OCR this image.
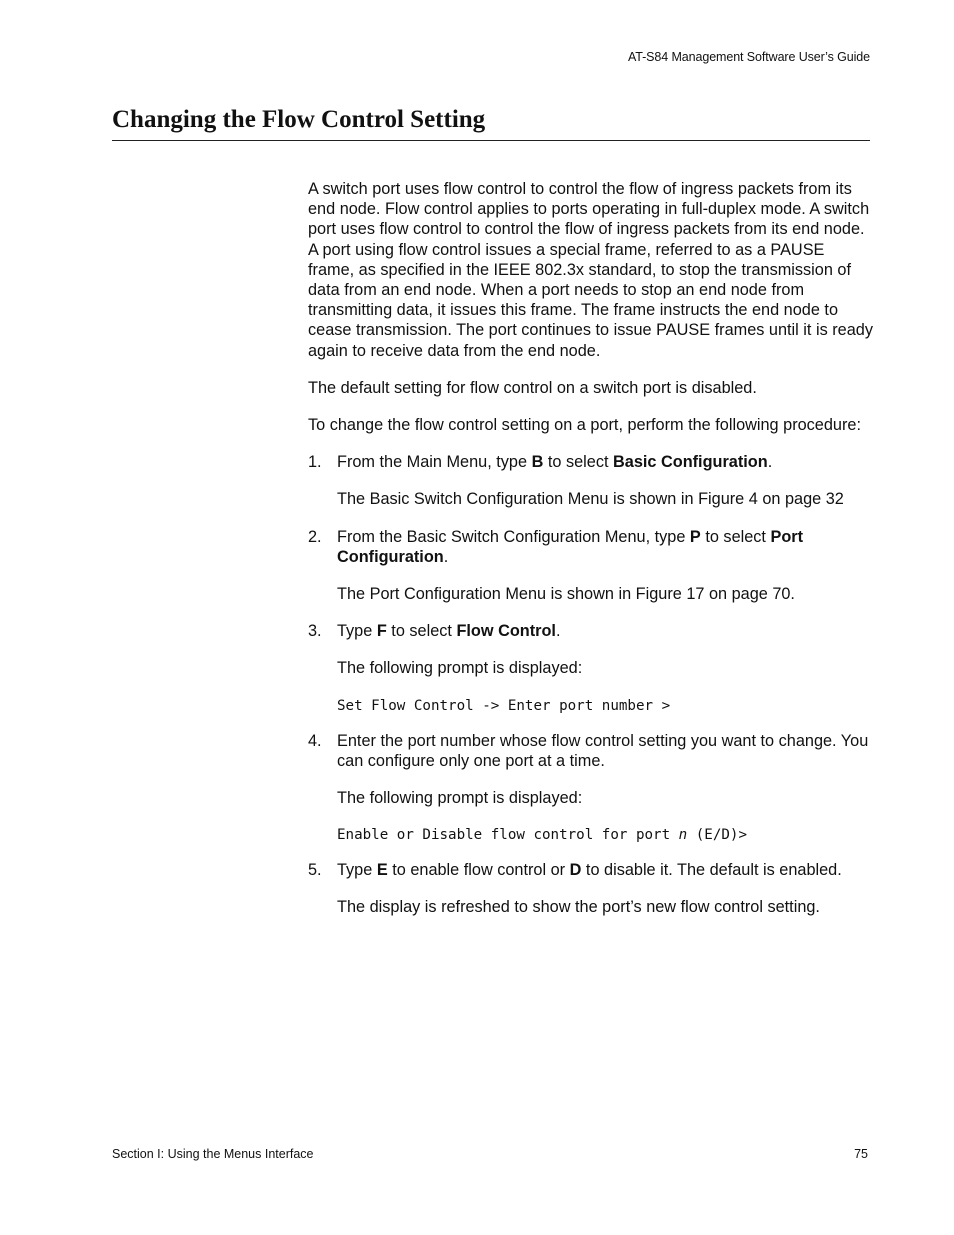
AT-S84 Management Software User’s Guide
Changing the Flow Control Setting

A switch port uses flow control to control the flow of ingress packets from its end node. Flow control applies to ports operating in full-duplex mode. A switch port uses flow control to control the flow of ingress packets from its end node. A port using flow control issues a special frame, referred to as a PAUSE frame, as specified in the IEEE 802.3x standard, to stop the transmission of data from an end node. When a port needs to stop an end node from transmitting data, it issues this frame. The frame instructs the end node to cease transmission. The port continues to issue PAUSE frames until it is ready again to receive data from the end node.

The default setting for flow control on a switch port is disabled.

To change the flow control setting on a port, perform the following procedure:

1. From the Main Menu, type B to select Basic Configuration.

The Basic Switch Configuration Menu is shown in Figure 4 on page 32

2. From the Basic Switch Configuration Menu, type P to select Port Configuration.

The Port Configuration Menu is shown in Figure 17 on page 70.

3. Type F to select Flow Control.

The following prompt is displayed:

Set Flow Control -> Enter port number >
4. Enter the port number whose flow control setting you want to change. You can configure only one port at a time.

The following prompt is displayed:

Enable or Disable flow control for port n (E/D)>
5. Type E to enable flow control or D to disable it. The default is enabled.

The display is refreshed to show the port’s new flow control setting.

Section I: Using the Menus Interface	75
